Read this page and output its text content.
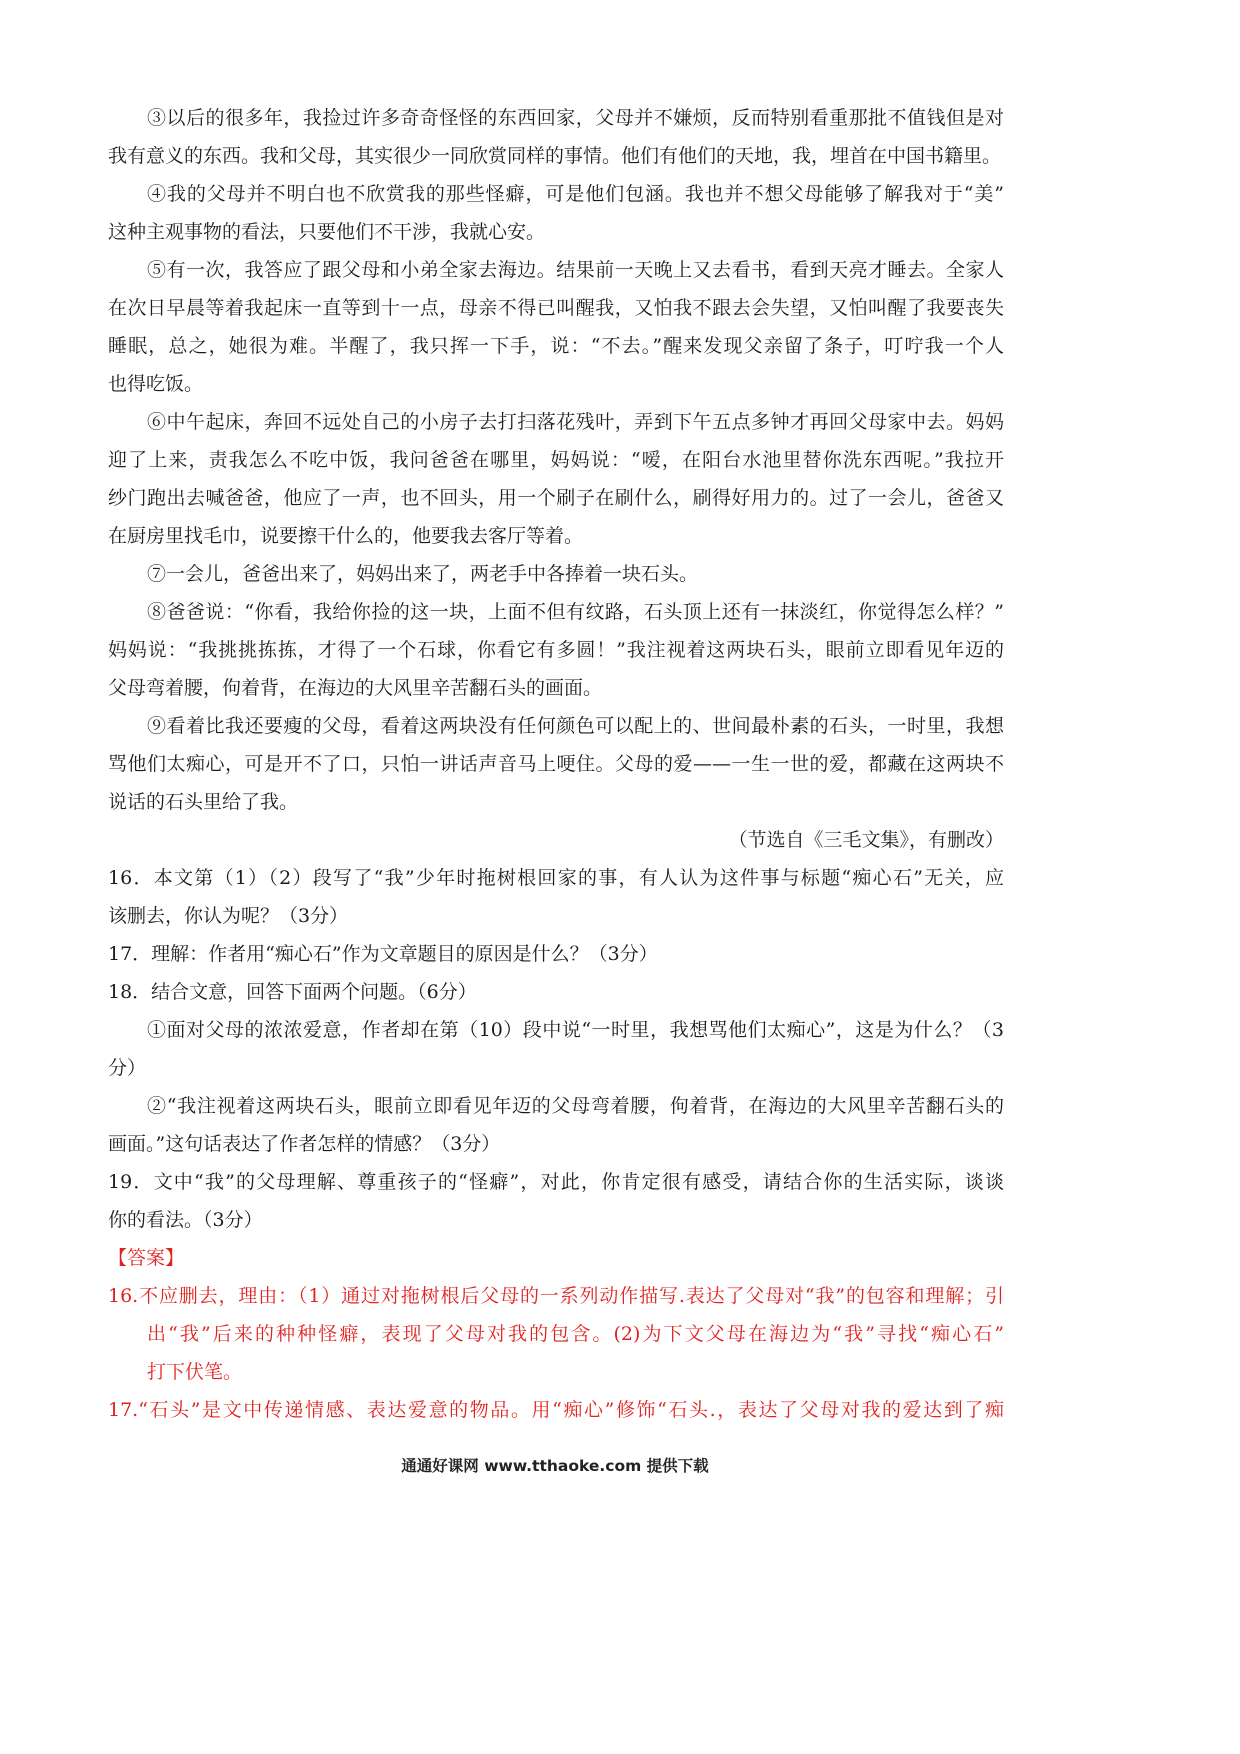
③以后的很多年，我捡过许多奇奇怪怪的东西回家，父母并不嫌烦，反而特别看重那批不值钱但是对
我有意义的东西。我和父母，其实很少一同欣赏同样的事情。他们有他们的天地，我，埋首在中国书籍里。
④我的父母并不明白也不欣赏我的那些怪癖，可是他们包涵。我也并不想父母能够了解我对于“美”
这种主观事物的看法，只要他们不干涉，我就心安。
⑤有一次，我答应了跟父母和小弟全家去海边。结果前一天晚上又去看书，看到天亮才睡去。全家人
在次日早晨等着我起床一直等到十一点，母亲不得已叫醒我，又怕我不跟去会失望，又怕叫醒了我要丧失
睡眠，总之，她很为难。半醒了，我只挥一下手，说：“不去。”醒来发现父亲留了条子，叮咛我一个人
也得吃饭。
⑥中午起床，奔回不远处自己的小房子去打扫落花残叶，弄到下午五点多钟才再回父母家中去。妈妈
迎了上来，责我怎么不吃中饭，我问爸爸在哪里，妈妈说：“嗳，在阳台水池里替你洗东西呢。”我拉开
纱门跑出去喊爸爸，他应了一声，也不回头，用一个刷子在刷什么，刷得好用力的。过了一会儿，爸爸又
在厨房里找毛巾，说要擦干什么的，他要我去客厅等着。
⑦一会儿，爸爸出来了，妈妈出来了，两老手中各捧着一块石头。
⑧爸爸说：“你看，我给你捡的这一块，上面不但有纹路，石头顶上还有一抹淡红，你觉得怎么样？”
妈妈说：“我挑挑拣拣，才得了一个石球，你看它有多圆！”我注视着这两块石头，眼前立即看见年迈的
父母弯着腰，佝着背，在海边的大风里辛苦翻石头的画面。
⑨看着比我还要瘦的父母，看着这两块没有任何颜色可以配上的、世间最朴素的石头，一时里，我想
骂他们太痴心，可是开不了口，只怕一讲话声音马上哽住。父母的爱——一生一世的爱，都藏在这两块不
说话的石头里给了我。
（节选自《三毛文集》，有删改）
16．本文第（1）（2）段写了“我”少年时拖树根回家的事，有人认为这件事与标题“痴心石”无关，应
该删去，你认为呢？（3分）
17．理解：作者用“痴心石”作为文章题目的原因是什么？（3分）
18．结合文意，回答下面两个问题。（6分）
①面对父母的浓浓爱意，作者却在第（10）段中说“一时里，我想骂他们太痴心”，这是为什么？（3
分）
②“我注视着这两块石头，眼前立即看见年迈的父母弯着腰，佝着背，在海边的大风里辛苦翻石头的
画面。”这句话表达了作者怎样的情感？（3分）
19．文中“我”的父母理解、尊重孩子的“怪癖”，对此，你肯定很有感受，请结合你的生活实际，谈谈
你的看法。（3分）
【答案】
16.不应删去，理由：（1）通过对拖树根后父母的一系列动作描写.表达了父母对“我”的包容和理解；引
出“我”后来的种种怪癖，表现了父母对我的包含。(2)为下文父母在海边为“我”寻找“痴心石”
打下伏笔。
17.“石头”是文中传递情感、表达爱意的物品。用“痴心”修饰“石头.，表达了父母对我的爱达到了痴
通通好课网 www.tthaoke.com 提供下载
